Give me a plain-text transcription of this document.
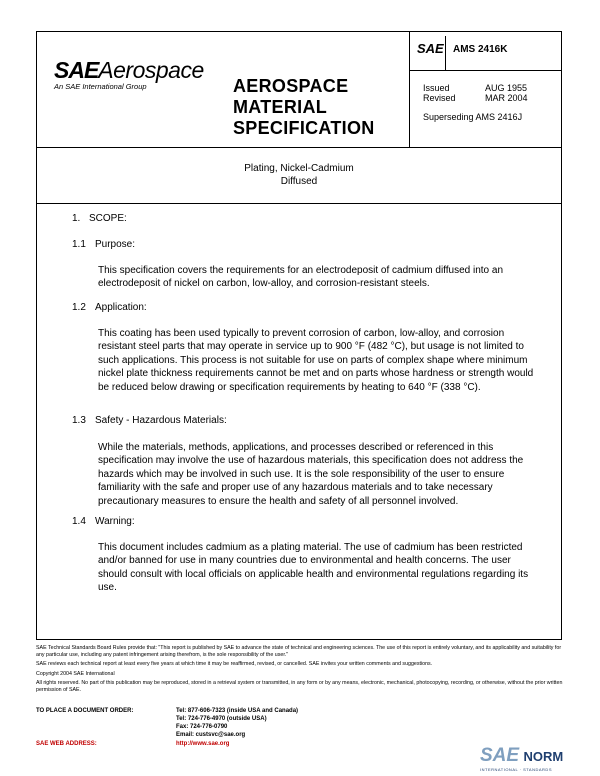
SAEAerospace
An SAE International Group	AEROSPACE
MATERIAL
SPECIFICATION
SAE AMS 2416K
Issued	AUG 1955
Revised	MAR 2004
Superseding AMS 2416J
Plating, Nickel-Cadmium
Diffused
1. SCOPE:
1.1 Purpose:
This specification covers the requirements for an electrodeposit of cadmium diffused into an electrodeposit of nickel on carbon, low-alloy, and corrosion-resistant steels.
1.2 Application:
This coating has been used typically to prevent corrosion of carbon, low-alloy, and corrosion resistant steel parts that may operate in service up to 900 °F (482 °C), but usage is not limited to such applications. This process is not suitable for use on parts of complex shape where minimum nickel plate thickness requirements cannot be met and on parts whose hardness or strength would be reduced below drawing or specification requirements by heating to 640 °F (338 °C).
1.3 Safety - Hazardous Materials:
While the materials, methods, applications, and processes described or referenced in this specification may involve the use of hazardous materials, this specification does not address the hazards which may be involved in such use. It is the sole responsibility of the user to ensure familiarity with the safe and proper use of any hazardous materials and to take necessary precautionary measures to ensure the health and safety of all personnel involved.
1.4 Warning:
This document includes cadmium as a plating material. The use of cadmium has been restricted and/or banned for use in many countries due to environmental and health concerns. The user should consult with local officials on applicable health and environmental regulations regarding its use.

SAE Technical Standards Board Rules provide that: "This report is published by SAE to advance the state of technical and engineering sciences. The use of this report is entirely voluntary, and its applicability and suitability for any particular use, including any patent infringement arising therefrom, is the sole responsibility of the user."

SAE reviews each technical report at least every five years at which time it may be reaffirmed, revised, or cancelled. SAE invites your written comments and suggestions.

Copyright 2004 SAE International

All rights reserved. No part of this publication may be reproduced, stored in a retrieval system or transmitted, in any form or by any means, electronic, mechanical, photocopying, recording, or otherwise, without the prior written permission of SAE.

TO PLACE A DOCUMENT ORDER:	Tel: 877-606-7323 (inside USA and Canada)
Tel: 724-776-4970 (outside USA)
Fax: 724-776-0790
Email: custsvc@sae.org
SAE WEB ADDRESS:	http://www.sae.org
SAE NORM
INTERNATIONAL · STANDARDS
